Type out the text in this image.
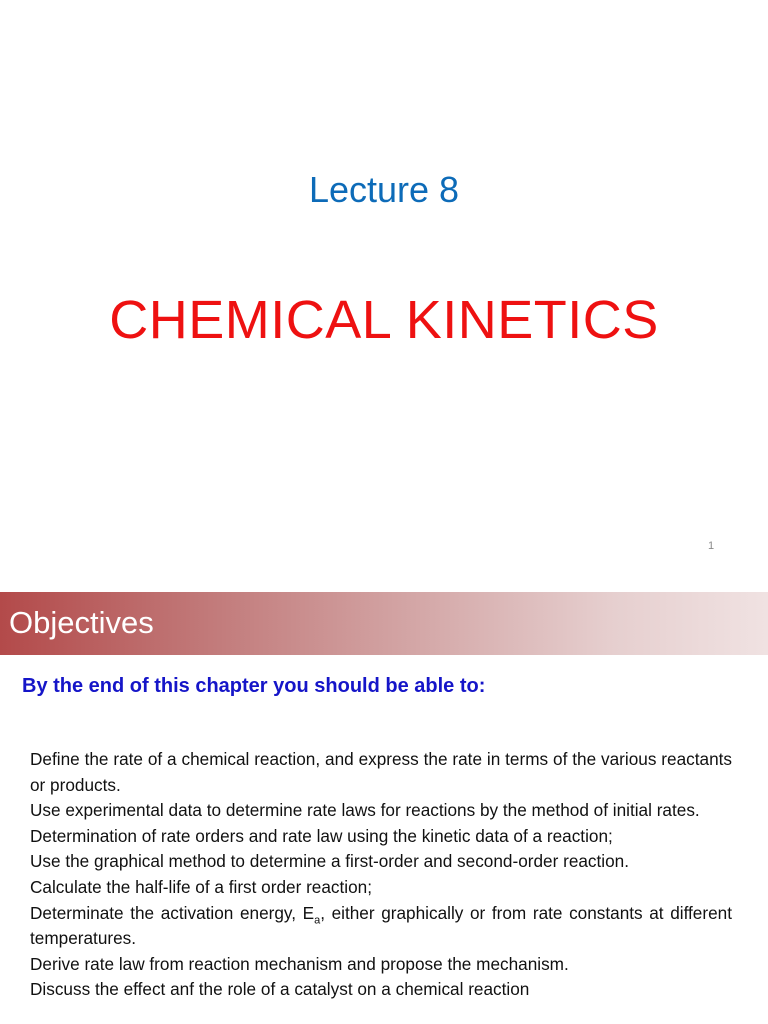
Lecture 8
CHEMICAL KINETICS
1
Objectives
By the end of this chapter you should be able to:
Define the rate of a chemical reaction, and express the rate in terms of the various reactants or products.
Use experimental data to determine rate laws for reactions by the method of initial rates.
Determination of rate orders and rate law using the kinetic data of a reaction;
Use the graphical method to determine a first-order and second-order reaction.
Calculate the half-life of a first order reaction;
Determinate the activation energy, $E_a$, either graphically or from rate constants at different temperatures.
Derive rate law from reaction mechanism and propose the mechanism.
Discuss the effect anf the role of a catalyst on a chemical reaction
